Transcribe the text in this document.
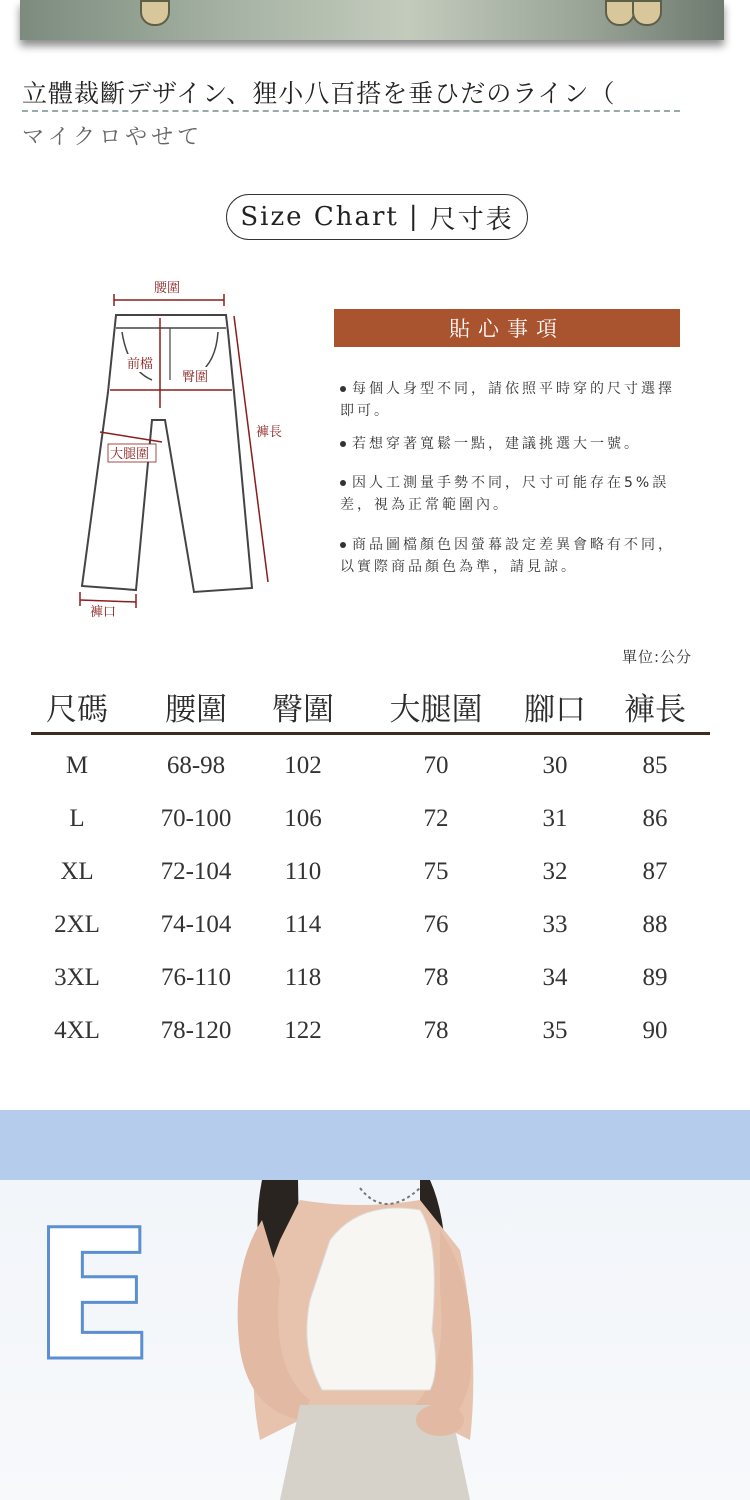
立體裁斷デザイン、狸小八百搭を垂ひだのライン（
マイクロやせて
Size Chart | 尺寸表
腰圍
前檔
臀圍
大腿圍
褲長
褲口
貼心事項
每個人身型不同，請依照平時穿的尺寸選擇即可。
若想穿著寬鬆一點，建議挑選大一號。
因人工測量手勢不同，尺寸可能存在5%誤差，視為正常範圍內。
商品圖檔顏色因螢幕設定差異會略有不同，以實際商品顏色為準，請見諒。
單位:公分
尺碼	腰圍	臀圍	大腿圍	腳口	褲長
M	68-98	102	70	30	85
L	70-100	106	72	31	86
XL	72-104	110	75	32	87
2XL	74-104	114	76	33	88
3XL	76-110	118	78	34	89
4XL	78-120	122	78	35	90
E
